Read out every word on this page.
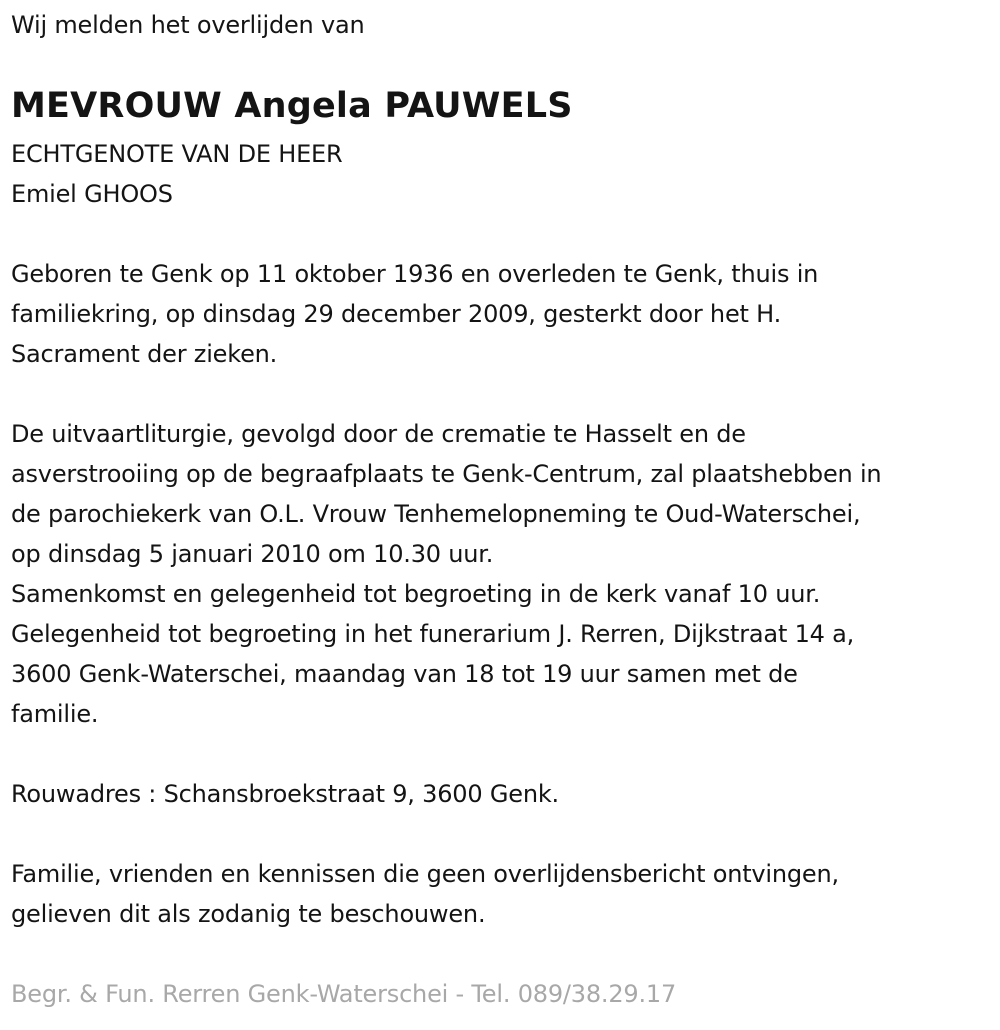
Wij melden het overlijden van
MEVROUW Angela PAUWELS
ECHTGENOTE VAN DE HEER
Emiel GHOOS
Geboren te Genk op 11 oktober 1936 en overleden te Genk, thuis in
familiekring, op dinsdag 29 december 2009, gesterkt door het H.
Sacrament der zieken.
De uitvaartliturgie, gevolgd door de crematie te Hasselt en de
asverstrooiing op de begraafplaats te Genk-Centrum, zal plaatshebben in
de parochiekerk van O.L. Vrouw Tenhemelopneming te Oud-Waterschei,
op dinsdag 5 januari 2010 om 10.30 uur.
Samenkomst en gelegenheid tot begroeting in de kerk vanaf 10 uur.
Gelegenheid tot begroeting in het funerarium J. Rerren, Dijkstraat 14 a,
3600 Genk-Waterschei, maandag van 18 tot 19 uur samen met de
familie.
Rouwadres : Schansbroekstraat 9, 3600 Genk.
Familie, vrienden en kennissen die geen overlijdensbericht ontvingen,
gelieven dit als zodanig te beschouwen.
Begr. & Fun. Rerren Genk-Waterschei - Tel. 089/38.29.17
